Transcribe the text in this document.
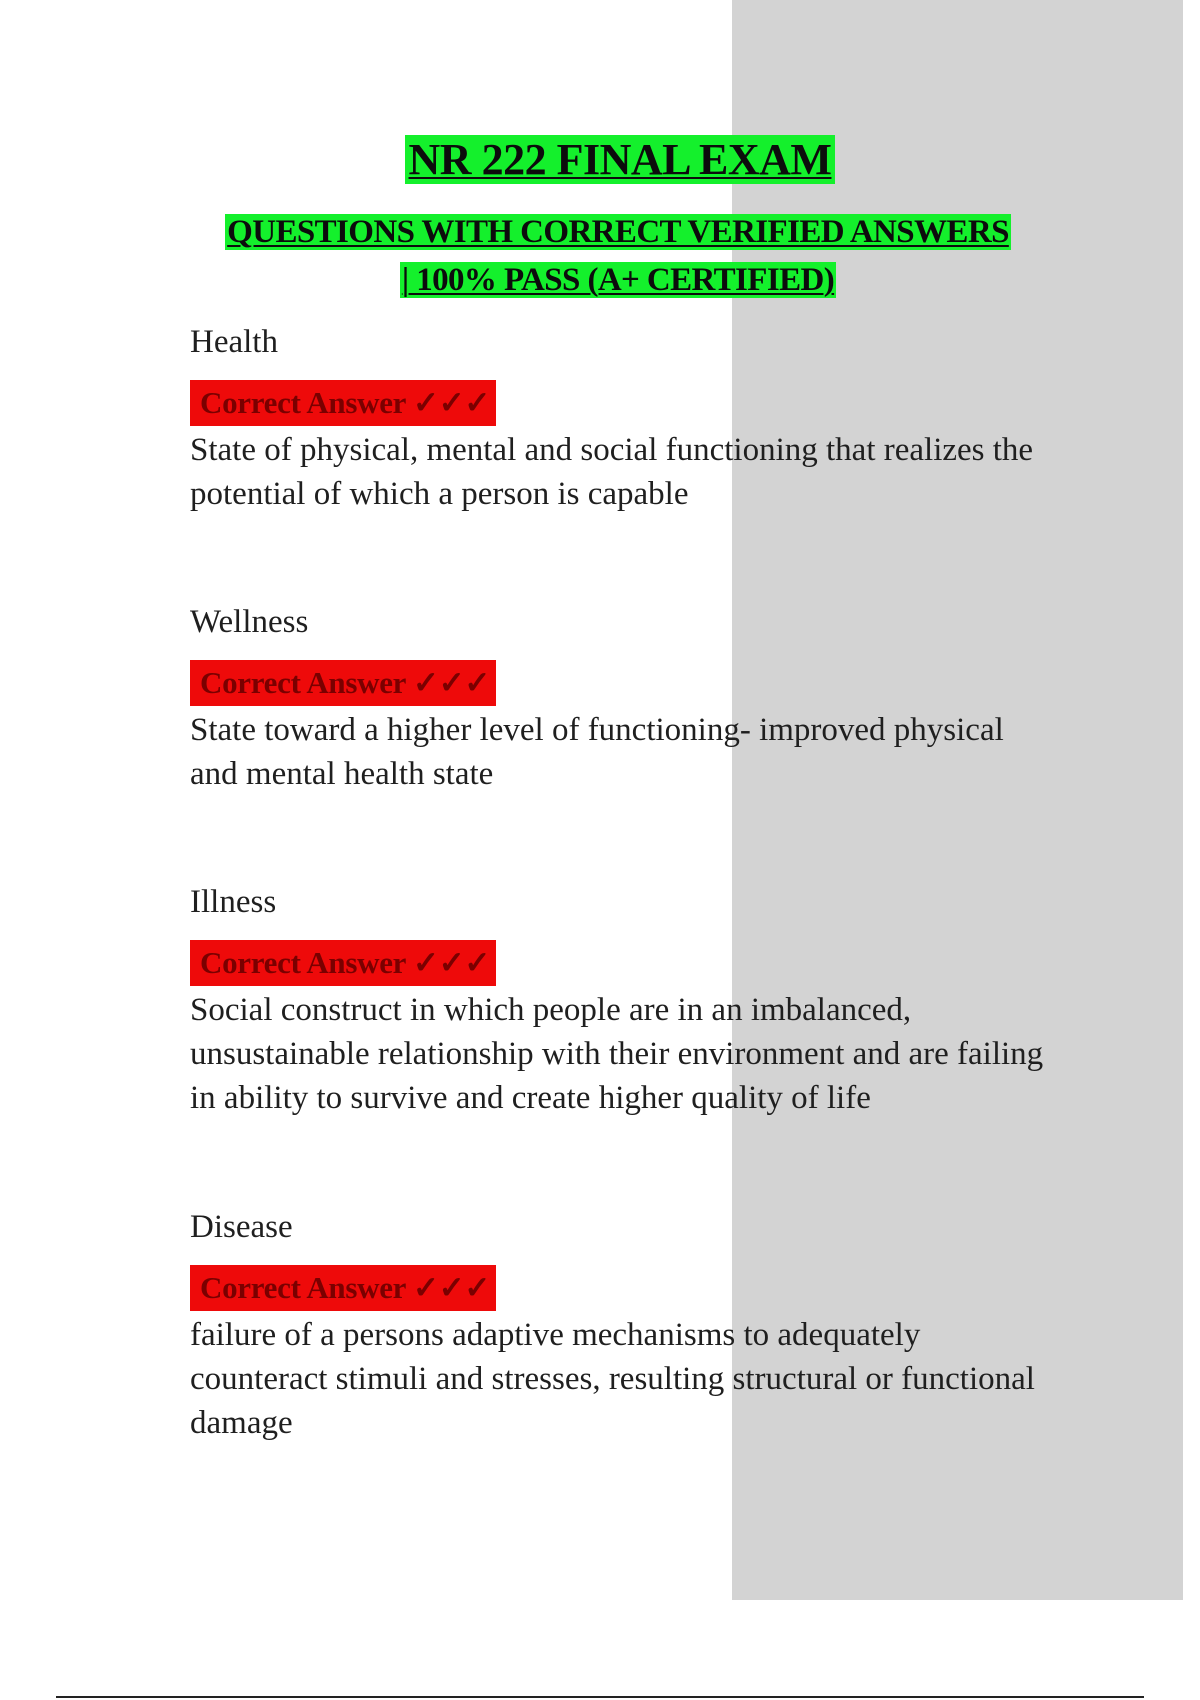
NR 222 FINAL EXAM
QUESTIONS WITH CORRECT VERIFIED ANSWERS
| 100% PASS (A+ CERTIFIED)

Health

Correct Answer ✓✓✓

State of physical, mental and social functioning that realizes the potential of which a person is capable

Wellness

Correct Answer ✓✓✓

State toward a higher level of functioning- improved physical and mental health state

Illness

Correct Answer ✓✓✓

Social construct in which people are in an imbalanced, unsustainable relationship with their environment and are failing in ability to survive and create higher quality of life

Disease

Correct Answer ✓✓✓

failure of a persons adaptive mechanisms to adequately counteract stimuli and stresses, resulting structural or functional damage
